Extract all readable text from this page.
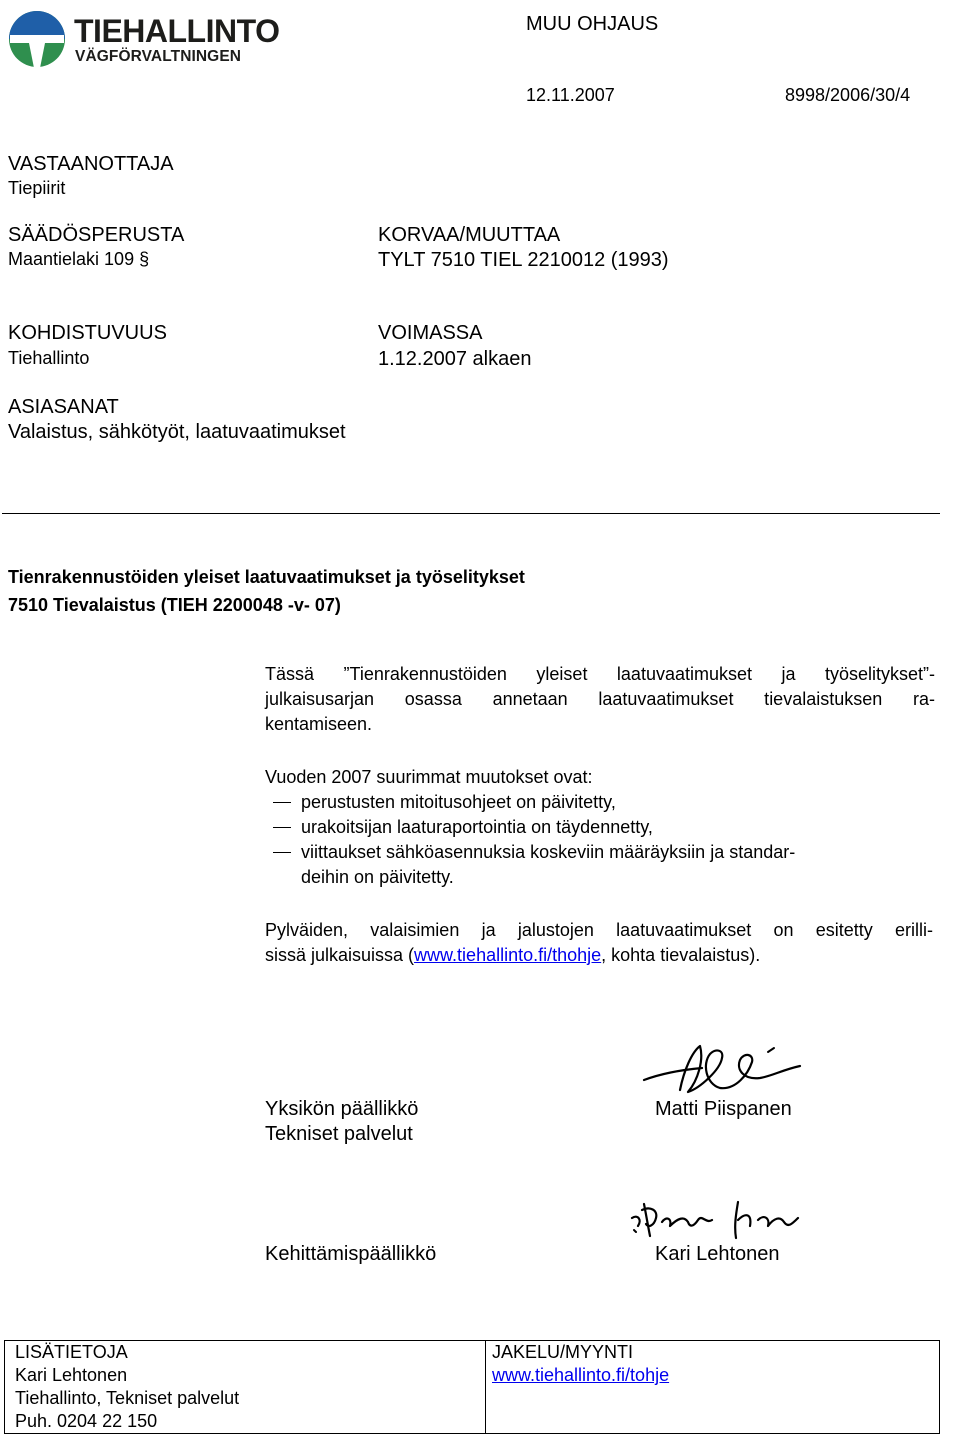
TIEHALLINTO
VÄGFÖRVALTNINGEN
MUU OHJAUS
12.11.2007	8998/2006/30/4
VASTAANOTTAJA
Tiepiirit
SÄÄDÖSPERUSTA
Maantielaki 109 §
KORVAA/MUUTTAA
TYLT 7510 TIEL 2210012 (1993)
KOHDISTUVUUS
Tiehallinto
VOIMASSA
1.12.2007 alkaen
ASIASANAT
Valaistus, sähkötyöt, laatuvaatimukset
Tienrakennustöiden yleiset laatuvaatimukset ja työselitykset
7510 Tievalaistus (TIEH 2200048 -v- 07)
Tässä ”Tienrakennustöiden yleiset laatuvaatimukset ja työselitykset”-
julkaisusarjan osassa annetaan laatuvaatimukset tievalaistuksen ra-
kentamiseen.
Vuoden 2007 suurimmat muutokset ovat:
perustusten mitoitusohjeet on päivitetty,
urakoitsijan laaturaportointia on täydennetty,
viittaukset sähköasennuksia koskeviin määräyksiin ja standar-
deihin on päivitetty.
Pylväiden, valaisimien ja jalustojen laatuvaatimukset on esitetty erilli-
sissä julkaisuissa (www.tiehallinto.fi/thohje, kohta tievalaistus).
Yksikön päällikkö
Tekniset palvelut
Matti Piispanen
Kehittämispäällikkö	Kari Lehtonen
LISÄTIETOJA
Kari Lehtonen
Tiehallinto, Tekniset palvelut
Puh. 0204 22 150
JAKELU/MYYNTI
www.tiehallinto.fi/tohje
